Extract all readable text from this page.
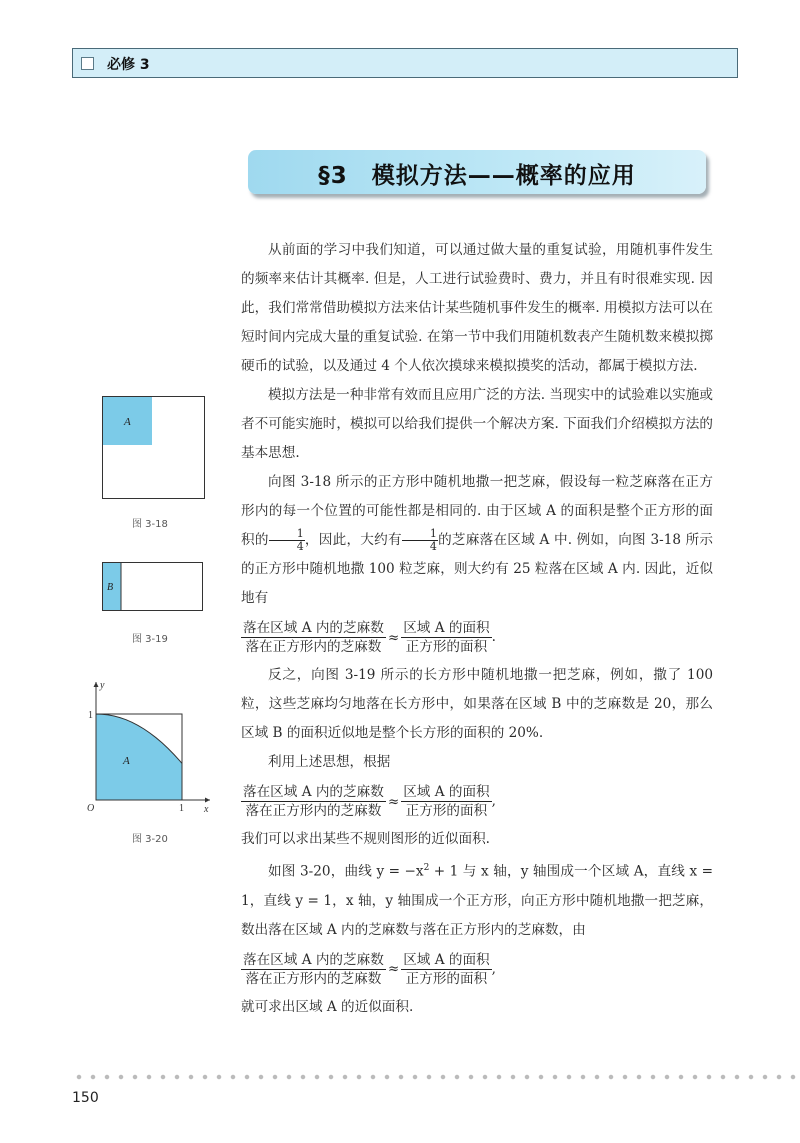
必修 3
§3　模拟方法——概率的应用
A
图 3-18
B
图 3-19
A
y
x
O
1
1
图 3-20

从前面的学习中我们知道，可以通过做大量的重复试验，用随机事件发生的频率来估计其概率. 但是，人工进行试验费时、费力，并且有时很难实现. 因此，我们常常借助模拟方法来估计某些随机事件发生的概率. 用模拟方法可以在短时间内完成大量的重复试验. 在第一节中我们用随机数表产生随机数来模拟掷硬币的试验，以及通过 4 个人依次摸球来模拟摸奖的活动，都属于模拟方法.

模拟方法是一种非常有效而且应用广泛的方法. 当现实中的试验难以实施或者不可能实施时，模拟可以给我们提供一个解决方案. 下面我们介绍模拟方法的基本思想.

向图 3-18 所示的正方形中随机地撒一把芝麻，假设每一粒芝麻落在正方形内的每一个位置的可能性都是相同的. 由于区域 A 的面积是整个正方形的面积的 $\frac{1}{4}$ ，因此，大约有 $\frac{1}{4}$ 的芝麻落在区域 A 中. 例如，向图 3-18 所示的正方形中随机地撒 100 粒芝麻，则大约有 25 粒落在区域 A 内. 因此，近似地有

$\frac{\text{落在区域 A 内的芝麻数}}{\text{落在正方形内的芝麻数}} \approx \frac{\text{区域 A 的面积}}{\text{正方形的面积}}$ .

反之，向图 3-19 所示的长方形中随机地撒一把芝麻，例如，撒了 100 粒，这些芝麻均匀地落在长方形中，如果落在区域 B 中的芝麻数是 20，那么区域 B 的面积近似地是整个长方形的面积的 20%.

利用上述思想，根据

$\frac{\text{落在区域 A 内的芝麻数}}{\text{落在正方形内的芝麻数}} \approx \frac{\text{区域 A 的面积}}{\text{正方形的面积}}$ ,

我们可以求出某些不规则图形的近似面积.

如图 3-20，曲线 $y = -x^2 + 1$ 与 x 轴，y 轴围成一个区域 A，直线 x = 1，直线 y = 1，x 轴，y 轴围成一个正方形，向正方形中随机地撒一把芝麻，数出落在区域 A 内的芝麻数与落在正方形内的芝麻数，由

$\frac{\text{落在区域 A 内的芝麻数}}{\text{落在正方形内的芝麻数}} \approx \frac{\text{区域 A 的面积}}{\text{正方形的面积}}$ ,

就可求出区域 A 的近似面积.

150
